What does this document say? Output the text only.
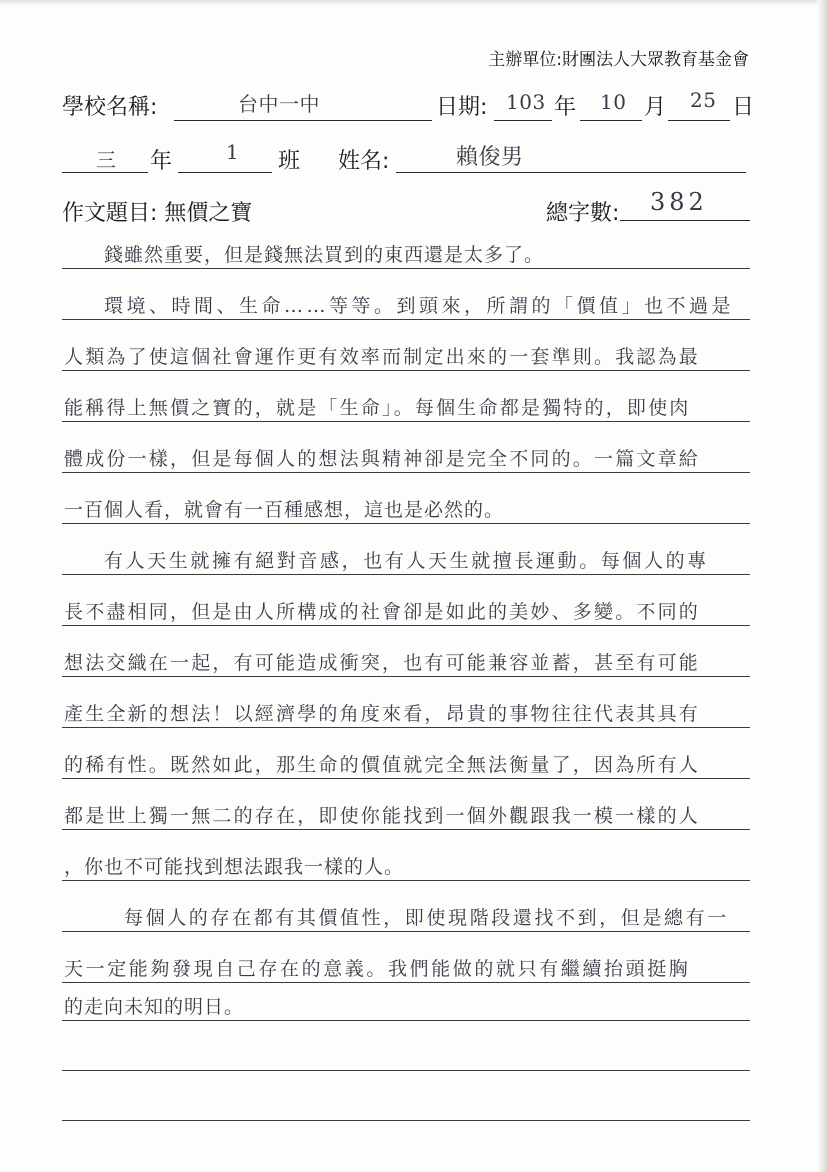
主辦單位:財團法人大眾教育基金會
學校名稱:	台中一中	日期: 103 年 10 月 25 日
三 年	1 班 姓名:	賴俊男
作文題目: 無價之寶	總字數: 382
錢雖然重要，但是錢無法買到的東西還是太多了。
環境、時間、生命……等等。到頭來，所謂的「價值」也不過是
人類為了使這個社會運作更有效率而制定出來的一套準則。我認為最
能稱得上無價之寶的，就是「生命」。每個生命都是獨特的，即使肉
體成份一樣，但是每個人的想法與精神卻是完全不同的。一篇文章給
一百個人看，就會有一百種感想，這也是必然的。
有人天生就擁有絕對音感，也有人天生就擅長運動。每個人的專
長不盡相同，但是由人所構成的社會卻是如此的美妙、多變。不同的
想法交織在一起，有可能造成衝突，也有可能兼容並蓄，甚至有可能
產生全新的想法！以經濟學的角度來看，昂貴的事物往往代表其具有
的稀有性。既然如此，那生命的價值就完全無法衡量了，因為所有人
都是世上獨一無二的存在，即使你能找到一個外觀跟我一模一樣的人
，你也不可能找到想法跟我一樣的人。
每個人的存在都有其價值性，即使現階段還找不到，但是總有一
天一定能夠發現自己存在的意義。我們能做的就只有繼續抬頭挺胸
的走向未知的明日。
